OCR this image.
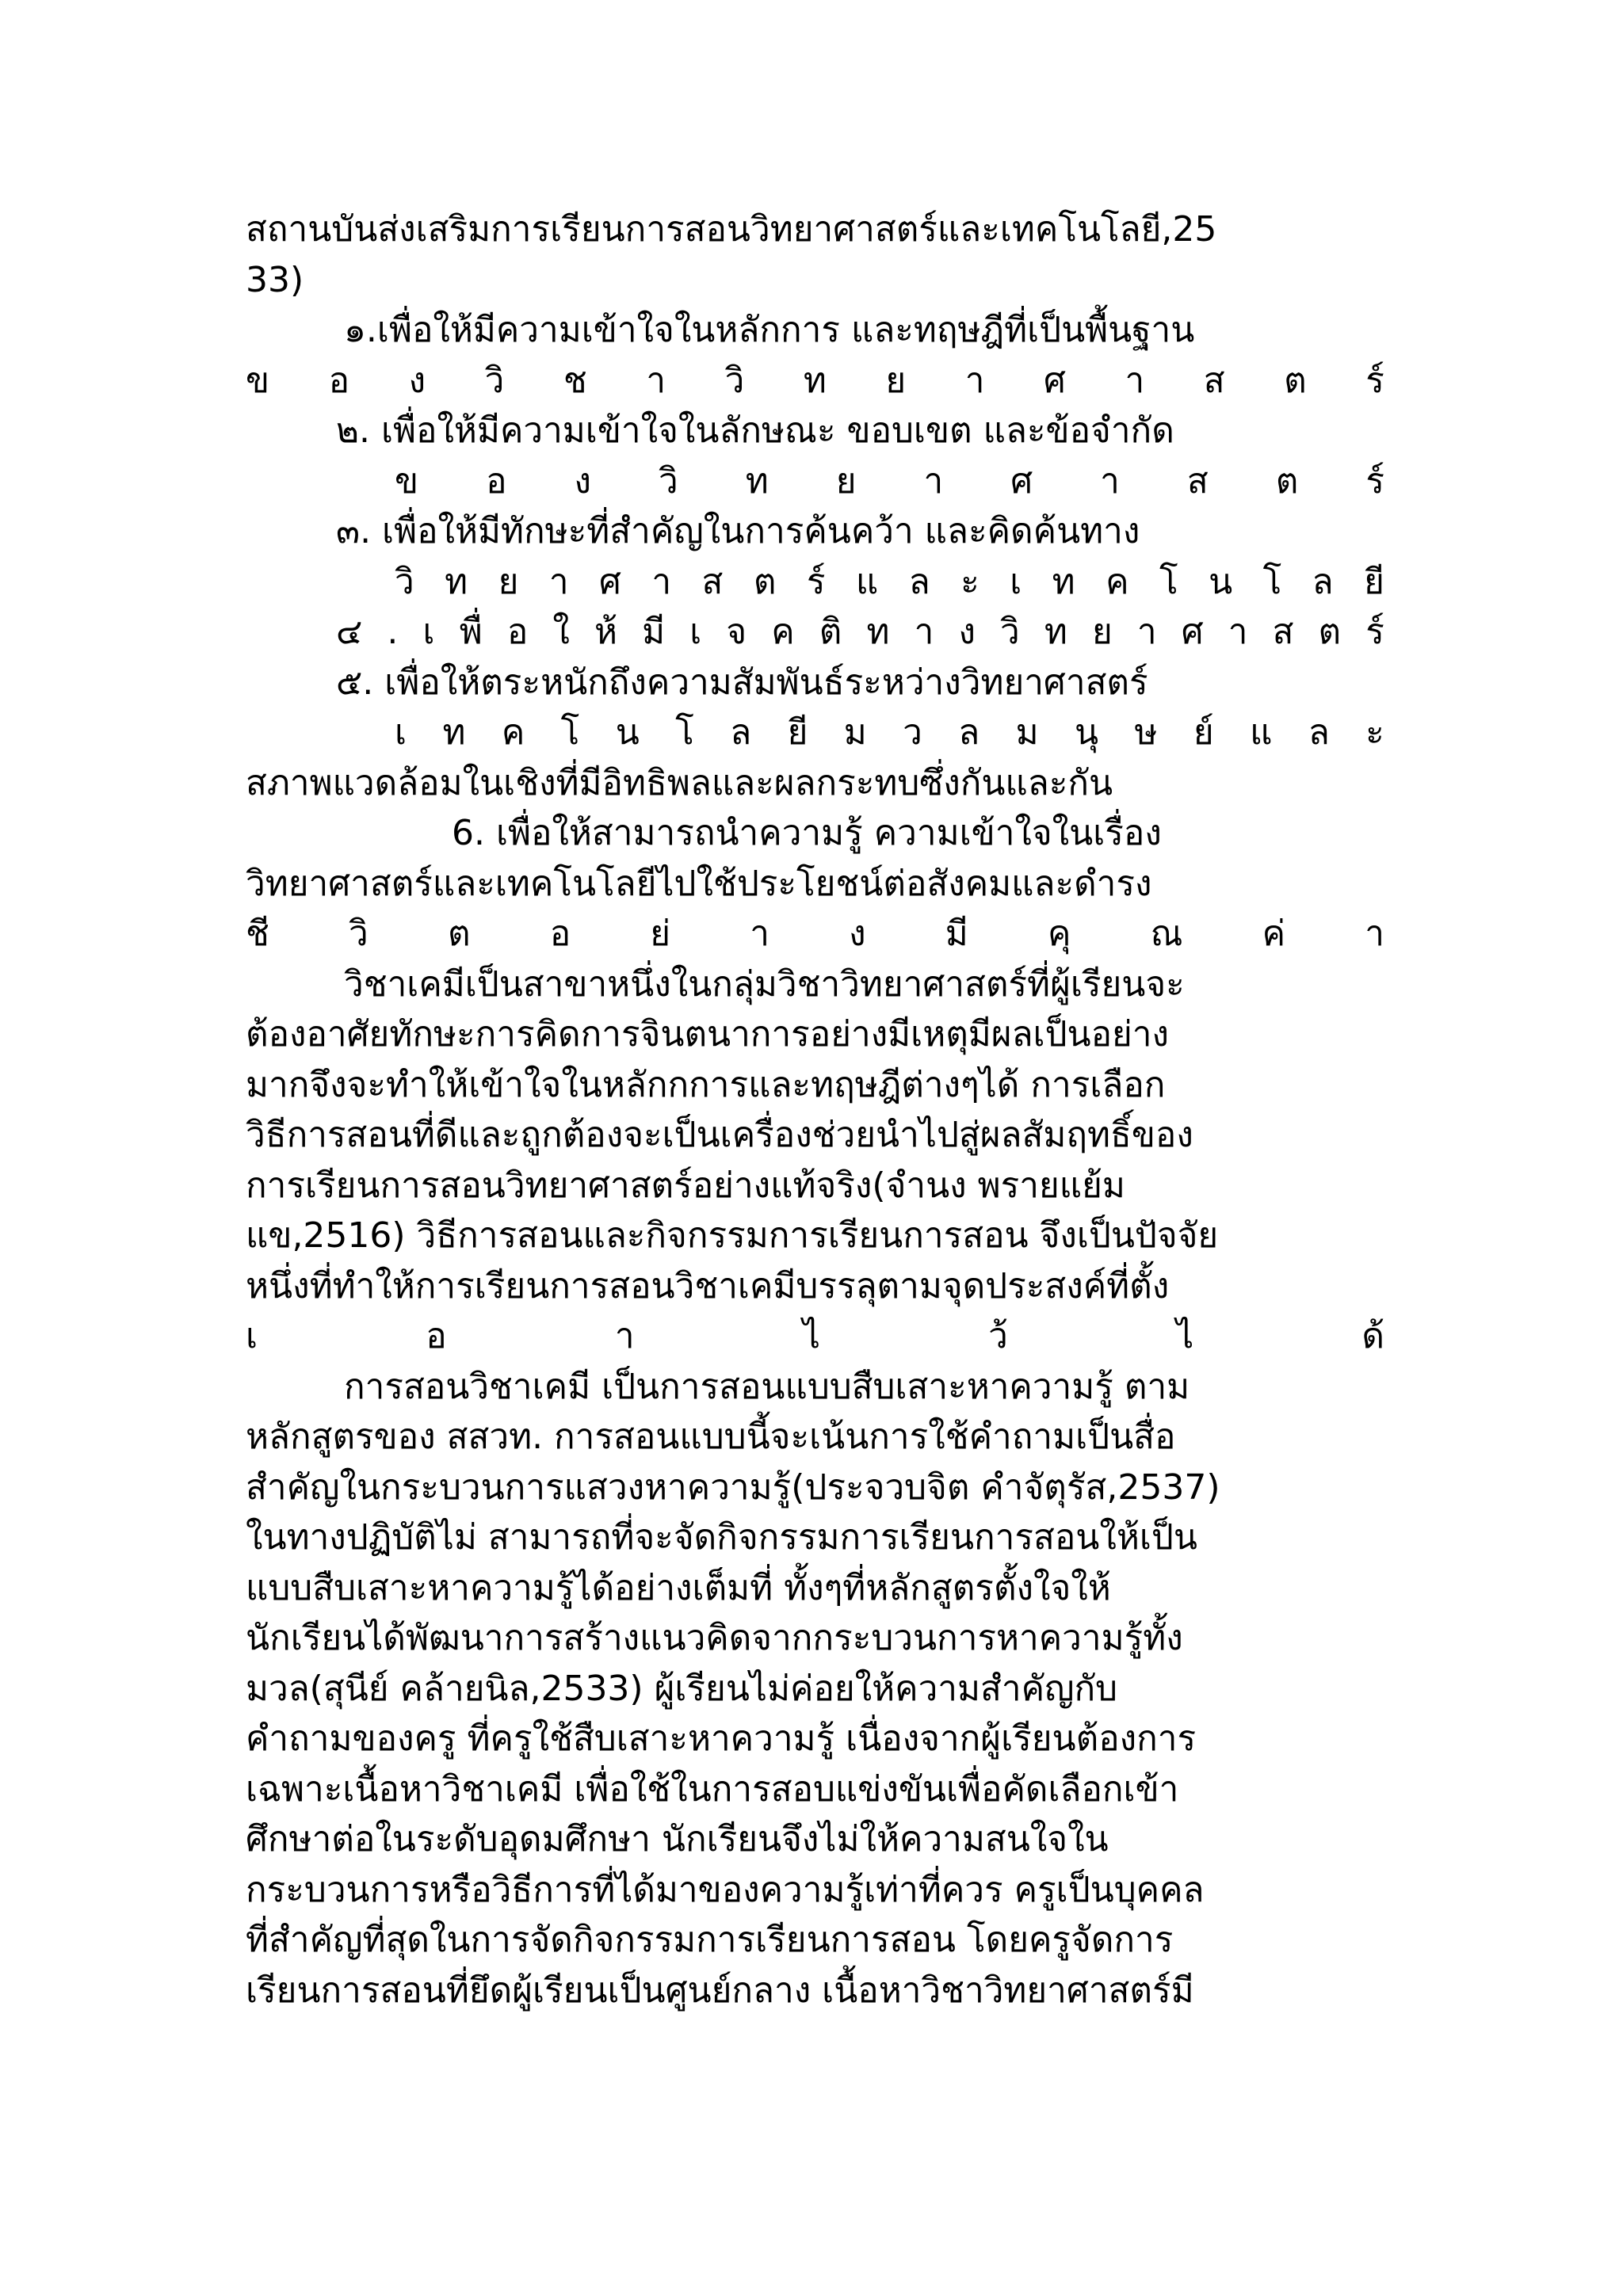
สถานบันส่งเสริมการเรียนการสอนวิทยาศาสตร์และเทคโนโลยี,25
33)
๑.เพื่อให้มีความเข้าใจในหลักการ และทฤษฎีที่เป็นพื้นฐาน
ข อ ง วิ ช า วิ ท ย า ศ า ส ต ร์
๒. เพื่อให้มีความเข้าใจในลักษณะ ขอบเขต และข้อจำกัด
ข อ ง วิ ท ย า ศ า ส ต ร์
๓. เพื่อให้มีทักษะที่สำคัญในการค้นคว้า และคิดค้นทาง
วิ ท ย า ศ า ส ต ร์ แ ล ะ เ ท ค โ น โ ล ยี
๔ . เ พื่ อ ใ ห้ มี เ จ ค ติ ท า ง วิ ท ย า ศ า ส ต ร์
๕. เพื่อให้ตระหนักถึงความสัมพันธ์ระหว่างวิทยาศาสตร์
เ ท ค โ น โ ล ยี ม ว ล ม นุ ษ ย์ แ ล ะ
สภาพแวดล้อมในเชิงที่มีอิทธิพลและผลกระทบซึ่งกันและกัน
6. เพื่อให้สามารถนำความรู้ ความเข้าใจในเรื่อง
วิทยาศาสตร์และเทคโนโลยีไปใช้ประโยชน์ต่อสังคมและดำรง
ชี วิ ต อ ย่ า ง มี คุ ณ ค่ า
วิชาเคมีเป็นสาขาหนึ่งในกลุ่มวิชาวิทยาศาสตร์ที่ผู้เรียนจะ
ต้องอาศัยทักษะการคิดการจินตนาการอย่างมีเหตุมีผลเป็นอย่าง
มากจึงจะทำให้เข้าใจในหลักกการและทฤษฎีต่างๆได้ การเลือก
วิธีการสอนที่ดีและถูกต้องจะเป็นเครื่องช่วยนำไปสู่ผลสัมฤทธิ์ของ
การเรียนการสอนวิทยาศาสตร์อย่างแท้จริง(จำนง พรายแย้ม
แข,2516) วิธีการสอนและกิจกรรมการเรียนการสอน จึงเป็นปัจจัย
หนึ่งที่ทำให้การเรียนการสอนวิชาเคมีบรรลุตามจุดประสงค์ที่ตั้ง
เ	อ	า	ไ	ว้	ไ	ด้
การสอนวิชาเคมี เป็นการสอนแบบสืบเสาะหาความรู้ ตาม
หลักสูตรของ สสวท. การสอนแบบนี้จะเน้นการใช้คำถามเป็นสื่อ
สำคัญในกระบวนการแสวงหาความรู้(ประจวบจิต คำจัตุรัส,2537)
ในทางปฏิบัติไม่ สามารถที่จะจัดกิจกรรมการเรียนการสอนให้เป็น
แบบสืบเสาะหาความรู้ได้อย่างเต็มที่ ทั้งๆที่หลักสูตรตั้งใจให้
นักเรียนได้พัฒนาการสร้างแนวคิดจากกระบวนการหาความรู้ทั้ง
มวล(สุนีย์ คล้ายนิล,2533) ผู้เรียนไม่ค่อยให้ความสำคัญกับ
คำถามของครู ที่ครูใช้สืบเสาะหาความรู้ เนื่องจากผู้เรียนต้องการ
เฉพาะเนื้อหาวิชาเคมี เพื่อใช้ในการสอบแข่งขันเพื่อคัดเลือกเข้า
ศึกษาต่อในระดับอุดมศึกษา นักเรียนจึงไม่ให้ความสนใจใน
กระบวนการหรือวิธีการที่ได้มาของความรู้เท่าที่ควร ครูเป็นบุคคล
ที่สำคัญที่สุดในการจัดกิจกรรมการเรียนการสอน โดยครูจัดการ
เรียนการสอนที่ยึดผู้เรียนเป็นศูนย์กลาง เนื้อหาวิชาวิทยาศาสตร์มี
